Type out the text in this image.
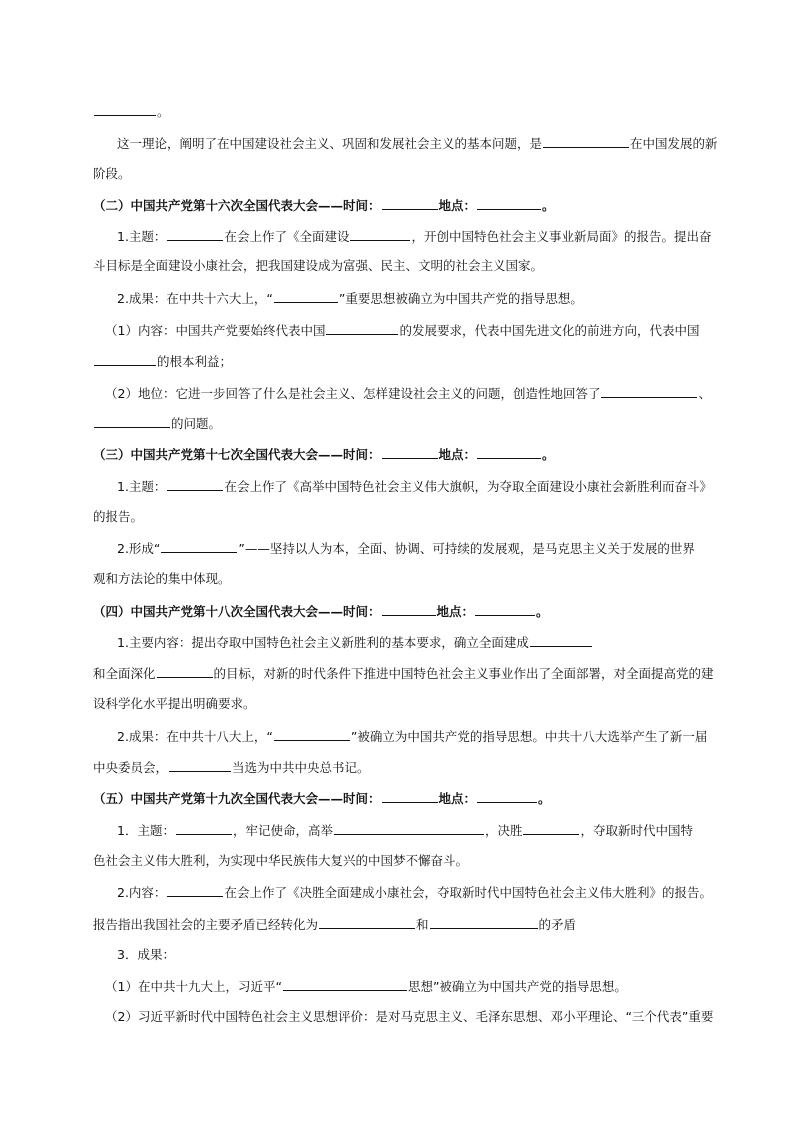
。
这一理论，阐明了在中国建设社会主义、巩固和发展社会主义的基本问题，是	在中国发展的新
阶段。
（二）中国共产党第十六次全国代表大会——时间：	地点：	。
1.主题：	在会上作了《全面建设	，开创中国特色社会主义事业新局面》的报告。提出奋
斗目标是全面建设小康社会，把我国建设成为富强、民主、文明的社会主义国家。
2.成果：在中共十六大上，“	”重要思想被确立为中国共产党的指导思想。
（1）内容：中国共产党要始终代表中国	的发展要求，代表中国先进文化的前进方向，代表中国
的根本利益；
（2）地位：它进一步回答了什么是社会主义、怎样建设社会主义的问题，创造性地回答了	、
的问题。
（三）中国共产党第十七次全国代表大会——时间：	地点：	。
1.主题：	在会上作了《高举中国特色社会主义伟大旗帜，为夺取全面建设小康社会新胜利而奋斗》
的报告。
2.形成“	”——坚持以人为本，全面、协调、可持续的发展观，是马克思主义关于发展的世界
观和方法论的集中体现。
（四）中国共产党第十八次全国代表大会——时间：	地点：	。
1.主要内容：提出夺取中国特色社会主义新胜利的基本要求，确立全面建成
和全面深化	的目标，对新的时代条件下推进中国特色社会主义事业作出了全面部署，对全面提高党的建
设科学化水平提出明确要求。
2.成果：在中共十八大上，“	”被确立为中国共产党的指导思想。中共十八大选举产生了新一届
中央委员会，	当选为中共中央总书记。
（五）中国共产党第十九次全国代表大会——时间：	地点：	。
1．主题：	，牢记使命，高举	，决胜	，夺取新时代中国特
色社会主义伟大胜利，为实现中华民族伟大复兴的中国梦不懈奋斗。
2.内容：	在会上作了《决胜全面建成小康社会，夺取新时代中国特色社会主义伟大胜利》的报告。
报告指出我国社会的主要矛盾已经转化为	和	的矛盾
3．成果：
（1）在中共十九大上，习近平“	思想”被确立为中国共产党的指导思想。
（2）习近平新时代中国特色社会主义思想评价：是对马克思主义、毛泽东思想、邓小平理论、“三个代表”重要
